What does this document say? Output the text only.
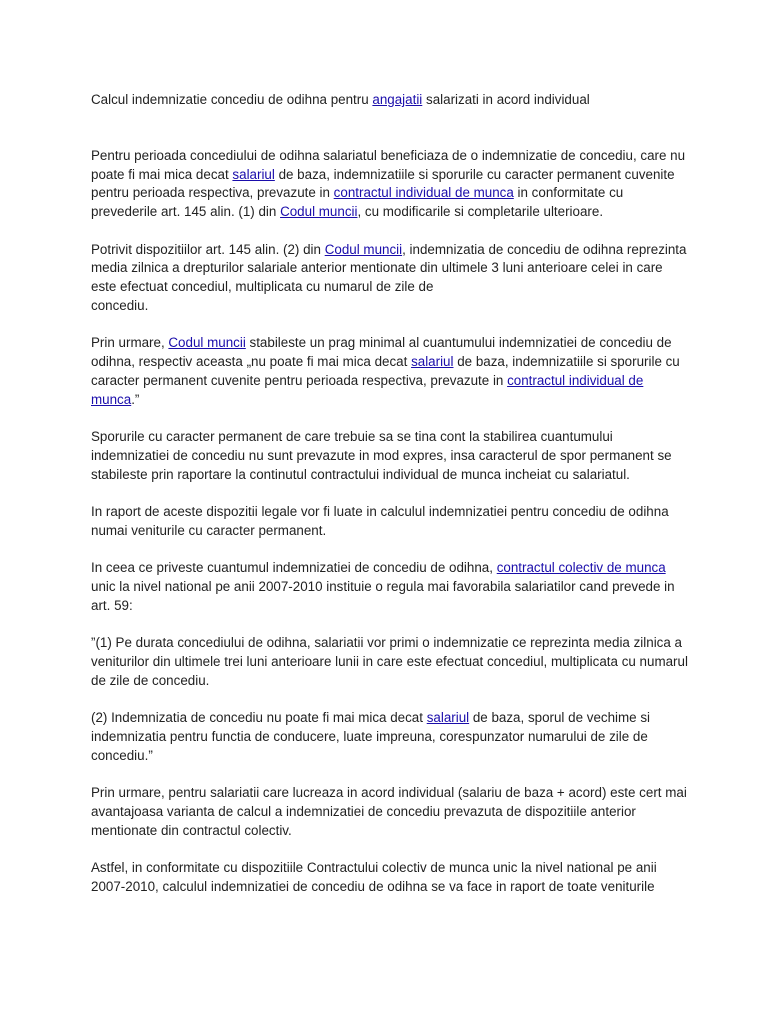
Calcul indemnizatie concediu de odihna pentru angajatii salarizati in acord individual

Pentru perioada concediului de odihna salariatul beneficiaza de o indemnizatie de concediu, care nu poate fi mai mica decat salariul de baza, indemnizatiile si sporurile cu caracter permanent cuvenite pentru perioada respectiva, prevazute in contractul individual de munca in conformitate cu prevederile art. 145 alin. (1) din Codul muncii, cu modificarile si completarile ulterioare.

Potrivit dispozitiilor art. 145 alin. (2) din Codul muncii, indemnizatia de concediu de odihna reprezinta media zilnica a drepturilor salariale anterior mentionate din ultimele 3 luni anterioare celei in care este efectuat concediul, multiplicata cu numarul de zile de
concediu.

Prin urmare, Codul muncii stabileste un prag minimal al cuantumului indemnizatiei de concediu de odihna, respectiv aceasta „nu poate fi mai mica decat salariul de baza, indemnizatiile si sporurile cu caracter permanent cuvenite pentru perioada respectiva, prevazute in contractul individual de munca.”

Sporurile cu caracter permanent de care trebuie sa se tina cont la stabilirea cuantumului indemnizatiei de concediu nu sunt prevazute in mod expres, insa caracterul de spor permanent se stabileste prin raportare la continutul contractului individual de munca incheiat cu salariatul.

In raport de aceste dispozitii legale vor fi luate in calculul indemnizatiei pentru concediu de odihna numai veniturile cu caracter permanent.

In ceea ce priveste cuantumul indemnizatiei de concediu de odihna, contractul colectiv de munca unic la nivel national pe anii 2007-2010 instituie o regula mai favorabila salariatilor cand prevede in art. 59:

”(1) Pe durata concediului de odihna, salariatii vor primi o indemnizatie ce reprezinta media zilnica a veniturilor din ultimele trei luni anterioare lunii in care este efectuat concediul, multiplicata cu numarul de zile de concediu.

(2) Indemnizatia de concediu nu poate fi mai mica decat salariul de baza, sporul de vechime si indemnizatia pentru functia de conducere, luate impreuna, corespunzator numarului de zile de concediu.”

Prin urmare, pentru salariatii care lucreaza in acord individual (salariu de baza + acord) este cert mai avantajoasa varianta de calcul a indemnizatiei de concediu prevazuta de dispozitiile anterior mentionate din contractul colectiv.

Astfel, in conformitate cu dispozitiile Contractului colectiv de munca unic la nivel national pe anii 2007-2010, calculul indemnizatiei de concediu de odihna se va face in raport de toate veniturile
